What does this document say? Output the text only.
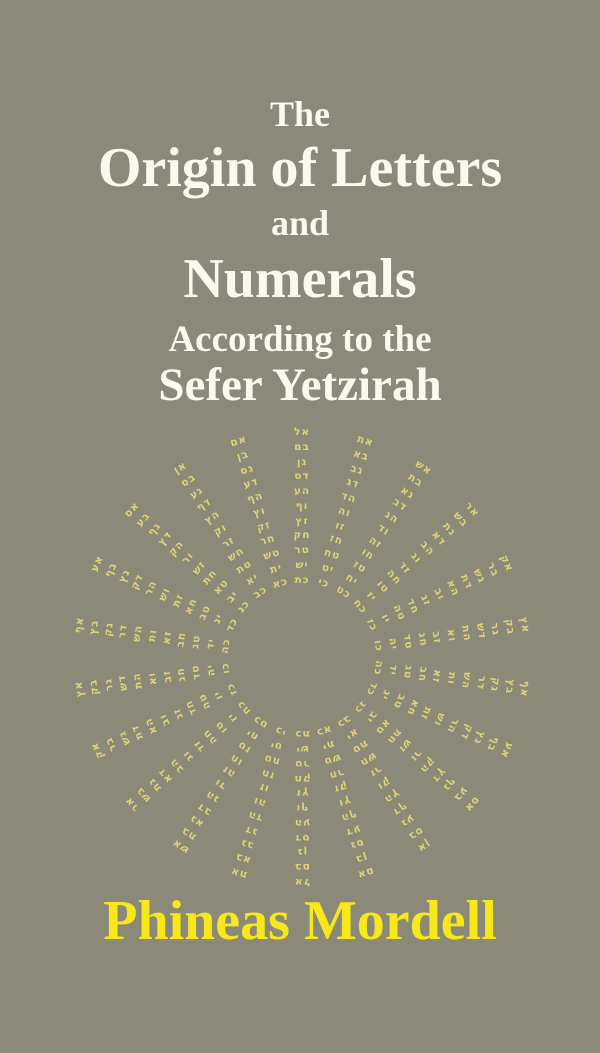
The
Origin of Letters
and
Numerals
According to the
Sefer Yetzirah
אל
בם
גן
דס
הע
וף
זץ
חק
טר
יש
כת
אם
בן
גס
דע
הף
וץ
זק
חר
טש
ית
כא
אן
בס
גע
דף
הץ
וק
זר
חש
טת
יא
כב
אס
בע
גף
דץ
הק
ור
זש
חת
טא
יב
כג
אע
בף
גץ
דק
הר
וש
זת
חא
טב
יג
כד
אף בץ גק דר הש ות זא חב טג יד כה
אץ בק גר דש הת וא זב חג טד יה כו
אק
בר
גש
דת
הא
וב
זג
חד
טה
יו
כז
אר
בש
גת
דא
הב
וג
זד
חה
טו
יז
כח
אש
בת
גא
דב
הג
וד
זה
חו
טז
יח
כט
את
בא
גב
דג
הד
וה
זו
חז
טח
יט
כי
אל
בם
גן
דס
הע
וף
זץ
חק
טר
יש
כת
אם
בן
גס
דע
הף
וץ
זק
חר
טש
ית
כא
אן
בס
גע
דף
הץ
וק
זר
חש
טת
יא
כב
אס
בע
גף
דץ
הק
ור
זש
חת
טא
יב
כג
אע
בף
גץ
דק
הר
וש
זת
חא
טב
יג
כד	אף
בץ
גק
דר
הש
ות
זא
חב
טג
יד
כה
אץ
בק
גר
דש
הת
וא
זב
חג
טד
יה
כו
אק
בר
גש
דת
הא
וב
זג
חד
טה
יו
כז
אר
בש
גת
דא
הב
וג
זד
חה
טו
יז
כח
אש
בת
גא
דב
הג
וד
זה
חו
טז
יח
כט
את
בא
גב
דג
הד
וה
זו
חז
טח
יט
כי
Phineas Mordell
